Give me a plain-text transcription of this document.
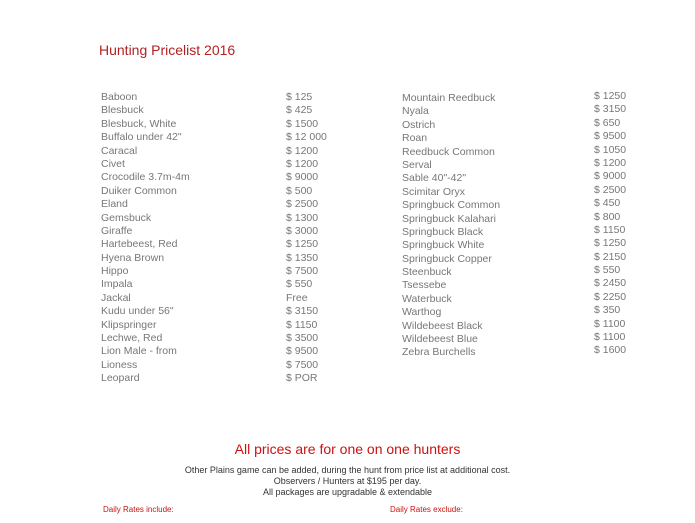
Hunting Pricelist 2016
Baboon
Blesbuck
Blesbuck, White
Buffalo under 42"
Caracal
Civet
Crocodile 3.7m-4m
Duiker Common
Eland
Gemsbuck
Giraffe
Hartebeest, Red
Hyena Brown
Hippo
Impala
Jackal
Kudu under 56"
Klipspringer
Lechwe, Red
Lion Male - from
Lioness
Leopard
$ 125
$ 425
$ 1500
$ 12 000
$ 1200
$ 1200
$ 9000
$ 500
$ 2500
$ 1300
$ 3000
$ 1250
$ 1350
$ 7500
$ 550
Free
$ 3150
$ 1150
$ 3500
$ 9500
$ 7500
$ POR
Mountain Reedbuck
Nyala
Ostrich
Roan
Reedbuck Common
Serval
Sable 40"-42"
Scimitar Oryx
Springbuck Common
Springbuck Kalahari
Springbuck Black
Springbuck White
Springbuck Copper
Steenbuck
Tsessebe
Waterbuck
Warthog
Wildebeest Black
Wildebeest Blue
Zebra Burchells
$ 1250
$ 3150
$ 650
$ 9500
$ 1050
$ 1200
$ 9000
$ 2500
$ 450
$ 800
$ 1150
$ 1250
$ 2150
$ 550
$ 2450
$ 2250
$ 350
$ 1100
$ 1100
$ 1600
All prices are for one on one hunters
Other Plains game can be added, during the hunt from price list at additional cost.
Observers / Hunters at $195 per day.
All packages are upgradable & extendable
Daily Rates include:	Daily Rates exclude:
